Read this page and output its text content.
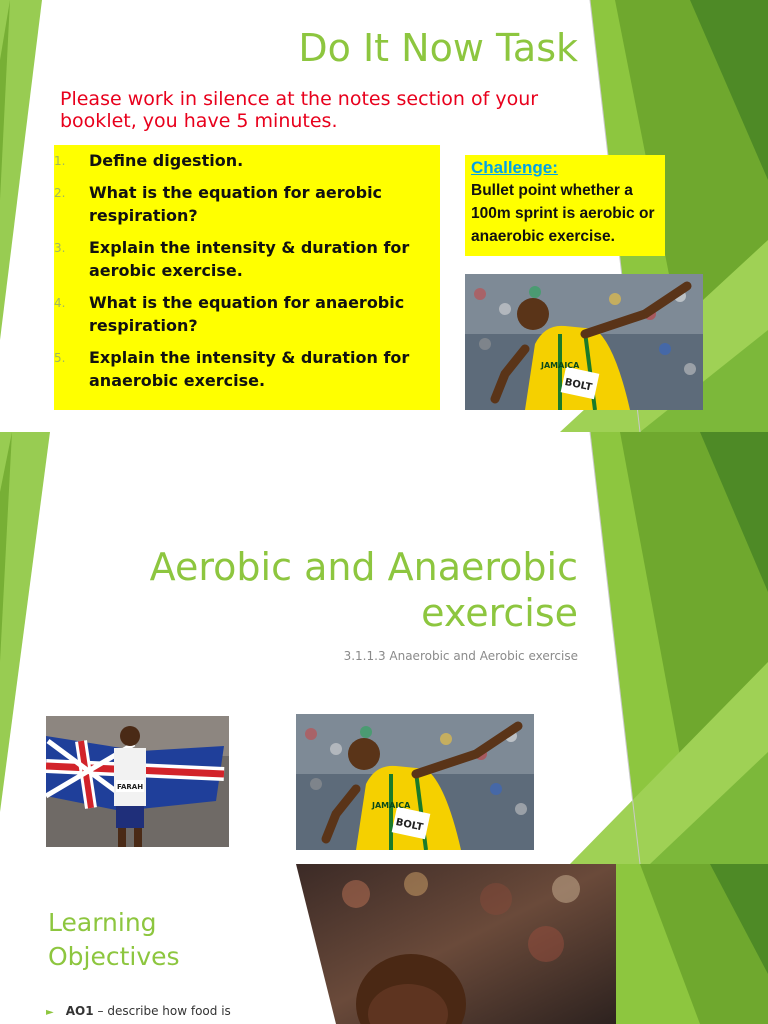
Do It Now Task
Please work in silence at the notes section of your booklet, you have 5 minutes.
1. Define digestion.
2. What is the equation for aerobic respiration?
3. Explain the intensity & duration for aerobic exercise.
4. What is the equation for anaerobic respiration?
5. Explain the intensity & duration for anaerobic exercise.
Challenge:
Bullet point whether a 100m sprint is aerobic or anaerobic exercise.
BOLT
JAMAICA
Aerobic and Anaerobic
exercise
3.1.1.3 Anaerobic and Aerobic exercise
FARAH
BOLT
JAMAICA
Learning Objectives
► AO1 – describe how food is
